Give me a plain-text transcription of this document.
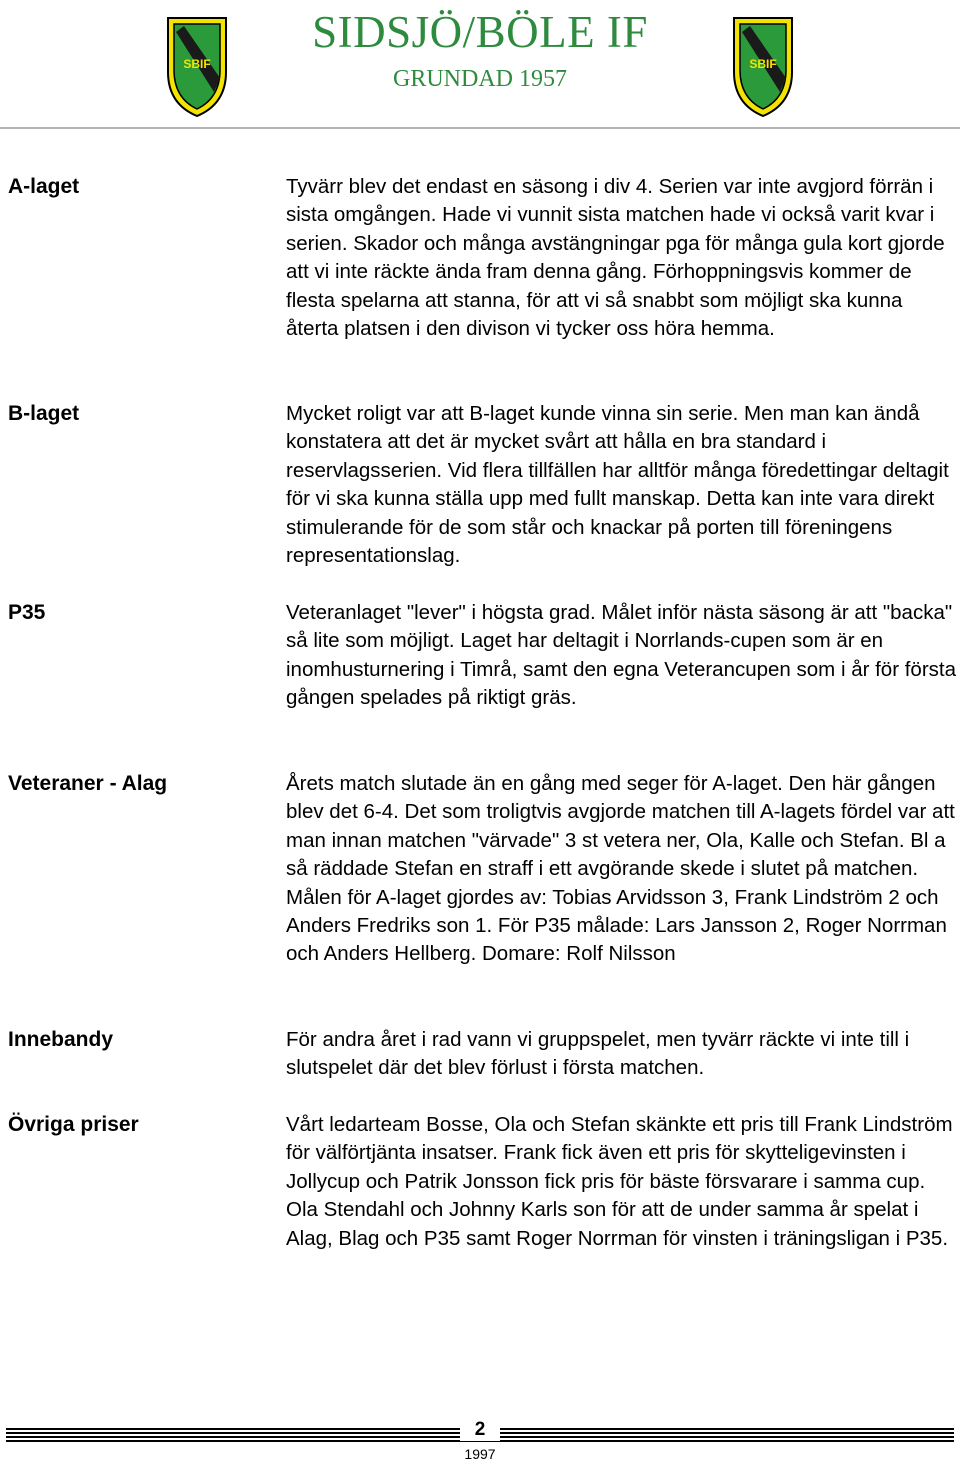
SBIF
SIDSJÖ/BÖLE IF
GRUNDAD 1957
SBIF
A-laget	Tyvärr blev det endast en säsong i div 4. Serien var inte avgjord förrän i sista omgången. Hade vi vunnit sista matchen hade vi också varit kvar i serien. Skador och många avstängningar pga för många gula kort gjorde att vi inte räckte ända fram denna gång. Förhoppningsvis kommer de flesta spelarna att stanna, för att vi så snabbt som möjligt ska kunna återta platsen i den divison vi tycker oss höra hemma.

B-laget	Mycket roligt var att B-laget kunde vinna sin serie. Men man kan ändå konstatera att det är mycket svårt att hålla en bra standard i reservlagsserien. Vid flera tillfällen har alltför många föredettingar deltagit för vi ska kunna ställa upp med fullt manskap. Detta kan inte vara direkt stimulerande för de som står och knackar på porten till föreningens representationslag.

P35	Veteranlaget "lever" i högsta grad. Målet inför nästa säsong är att "backa" så lite som möjligt. Laget har deltagit i Norrlands-cupen som är en inomhusturnering i Timrå, samt den egna Veterancupen som i år för första gången spelades på riktigt gräs.

Veteraner - Alag	Årets match slutade än en gång med seger för A-laget. Den här gången blev det 6-4. Det som troligtvis avgjorde matchen till A-lagets fördel var att man innan matchen "värvade" 3 st vetera ner, Ola, Kalle och Stefan. Bl a så räddade Stefan en straff i ett avgörande skede i slutet på matchen. Målen för A-laget gjordes av: Tobias Arvidsson 3, Frank Lindström 2 och Anders Fredriks son 1. För P35 målade: Lars Jansson 2, Roger Norrman och Anders Hellberg. Domare: Rolf Nilsson

Innebandy	För andra året i rad vann vi gruppspelet, men tyvärr räckte vi inte till i slutspelet där det blev förlust i första matchen.

Övriga priser	Vårt ledarteam Bosse, Ola och Stefan skänkte ett pris till Frank Lindström för välförtjänta insatser. Frank fick även ett pris för skytteligevinsten i Jollycup och Patrik Jonsson fick pris för bäste försvarare i samma cup. Ola Stendahl och Johnny Karls son för att de under samma år spelat i Alag, Blag och P35 samt Roger Norrman för vinsten i träningsligan i P35.

2
1997
